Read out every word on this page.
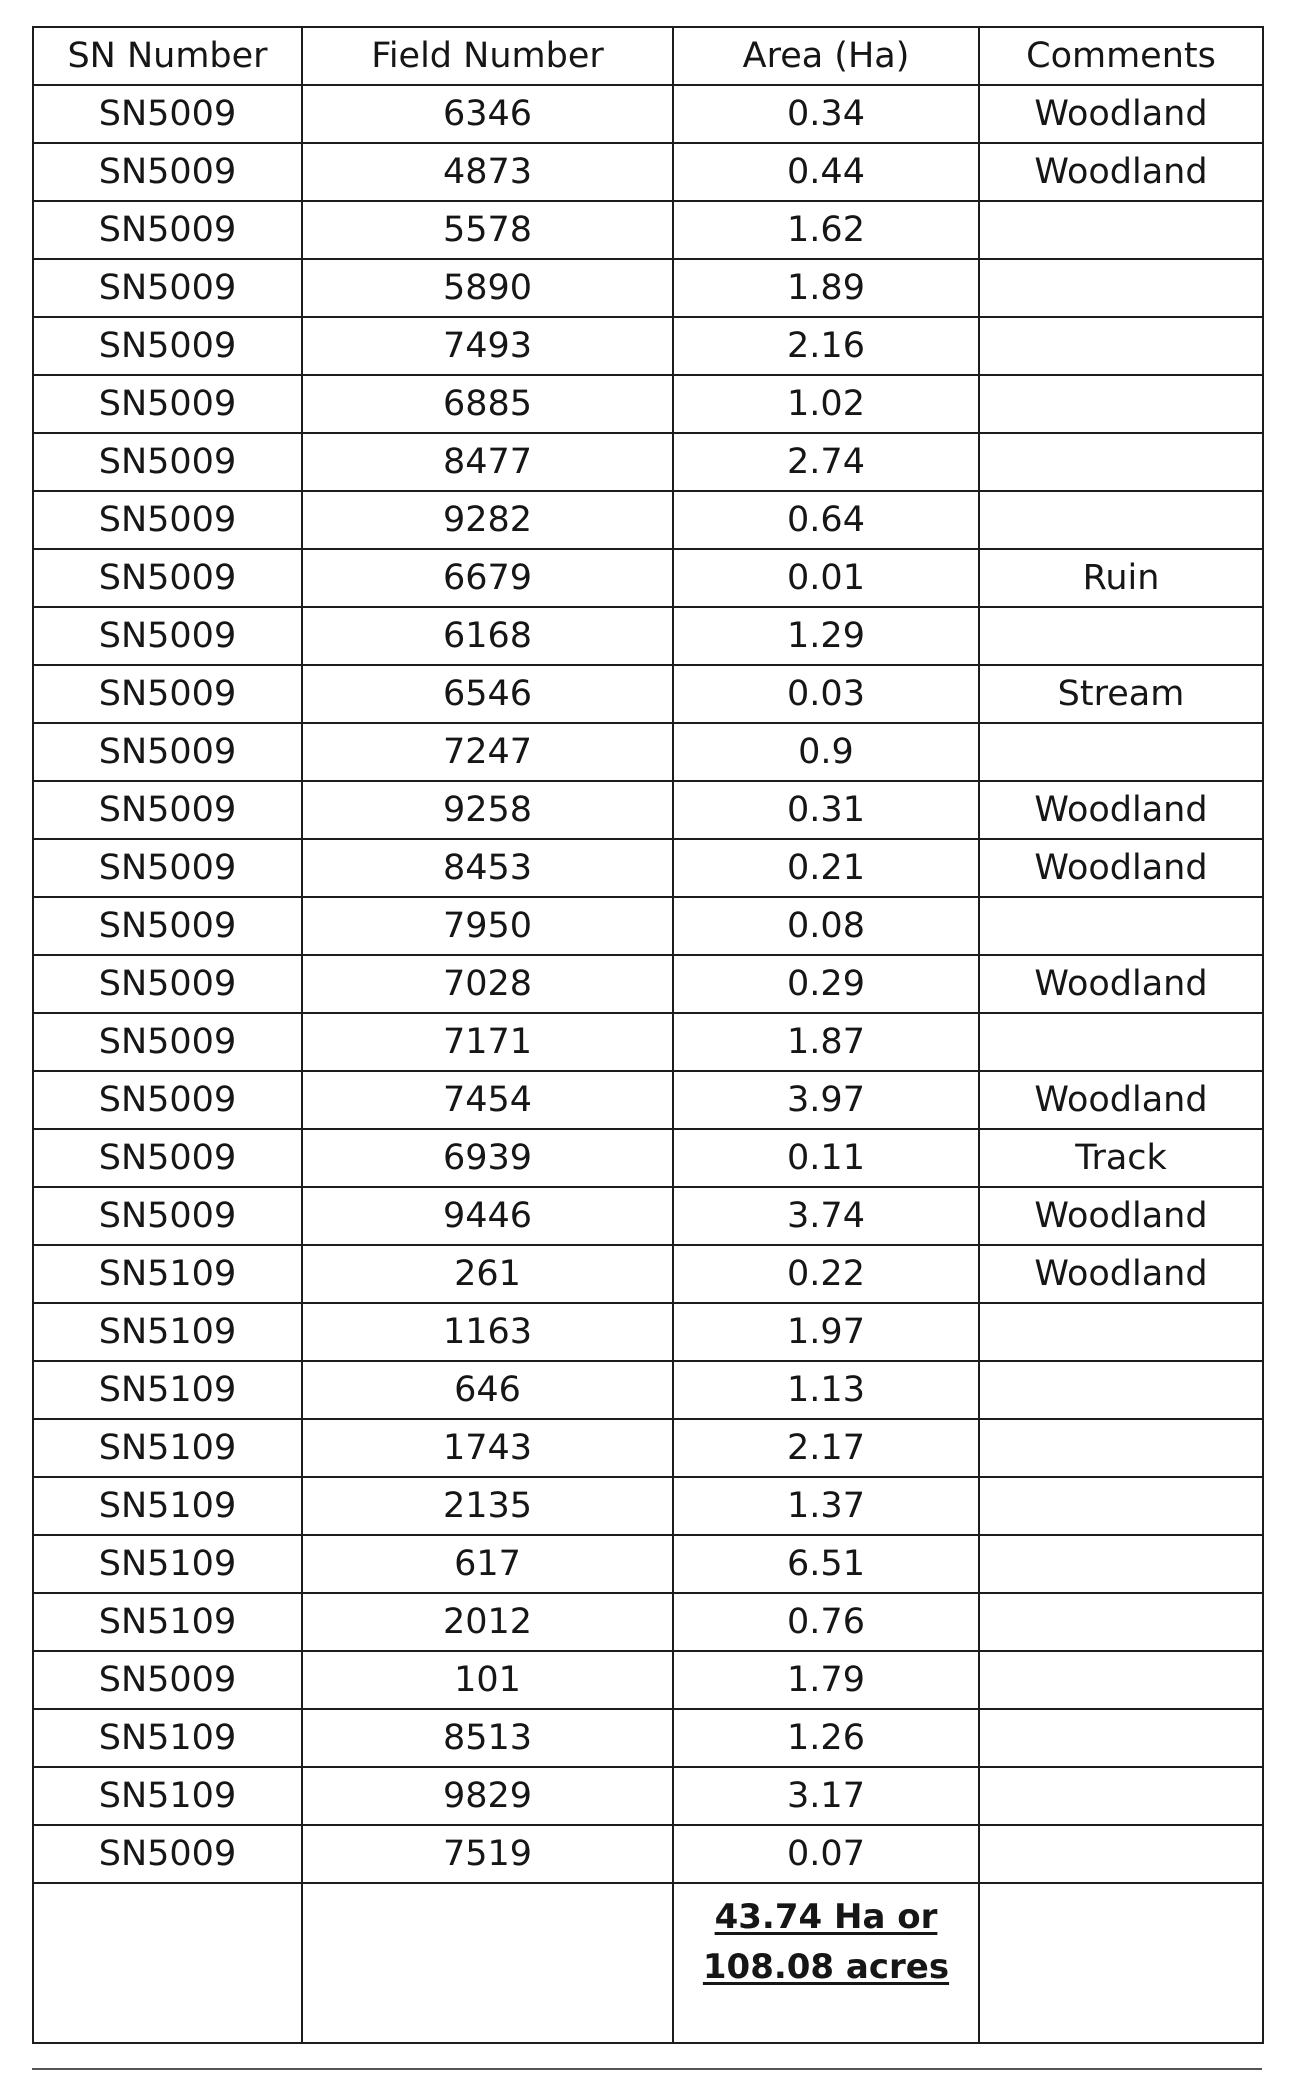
SN Number	Field Number	Area (Ha)	Comments
SN5009	6346	0.34	Woodland
SN5009	4873	0.44	Woodland
SN5009	5578	1.62	
SN5009	5890	1.89	
SN5009	7493	2.16	
SN5009	6885	1.02	
SN5009	8477	2.74	
SN5009	9282	0.64	
SN5009	6679	0.01	Ruin
SN5009	6168	1.29	
SN5009	6546	0.03	Stream
SN5009	7247	0.9	
SN5009	9258	0.31	Woodland
SN5009	8453	0.21	Woodland
SN5009	7950	0.08	
SN5009	7028	0.29	Woodland
SN5009	7171	1.87	
SN5009	7454	3.97	Woodland
SN5009	6939	0.11	Track
SN5009	9446	3.74	Woodland
SN5109	261	0.22	Woodland
SN5109	1163	1.97	
SN5109	646	1.13	
SN5109	1743	2.17	
SN5109	2135	1.37	
SN5109	617	6.51	
SN5109	2012	0.76	
SN5009	101	1.79	
SN5109	8513	1.26	
SN5109	9829	3.17	
SN5009	7519	0.07	

		43.74 Ha or
108.08 acres	
